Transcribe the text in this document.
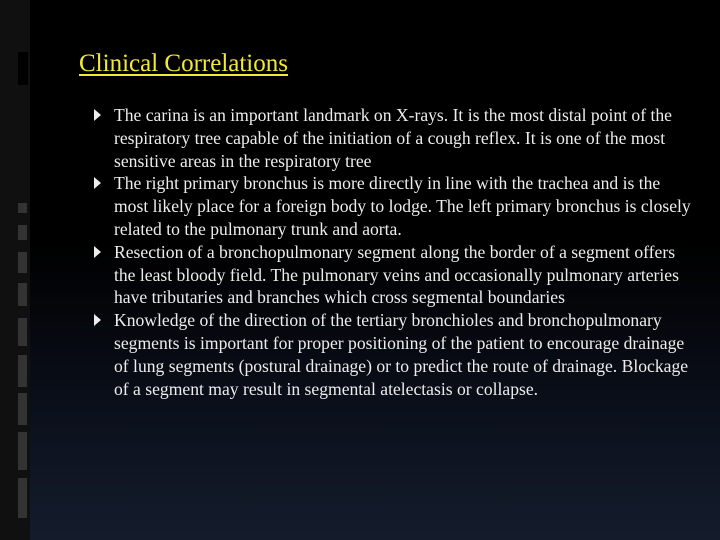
Clinical Correlations

The carina is an important landmark on X-rays. It is the most distal point of the respiratory tree capable of the initiation of a cough reflex. It is one of the most sensitive areas in the respiratory tree

The right primary bronchus is more directly in line with the trachea and is the most likely place for a foreign body to lodge. The left primary bronchus is closely related to the pulmonary trunk and aorta.

Resection of a bronchopulmonary segment along the border of a segment offers the least bloody field. The pulmonary veins and occasionally pulmonary arteries have tributaries and branches which cross segmental boundaries

Knowledge of the direction of the tertiary bronchioles and bronchopulmonary segments is important for proper positioning of the patient to encourage drainage of lung segments (postural drainage) or to predict the route of drainage. Blockage of a segment may result in segmental atelectasis or collapse.
